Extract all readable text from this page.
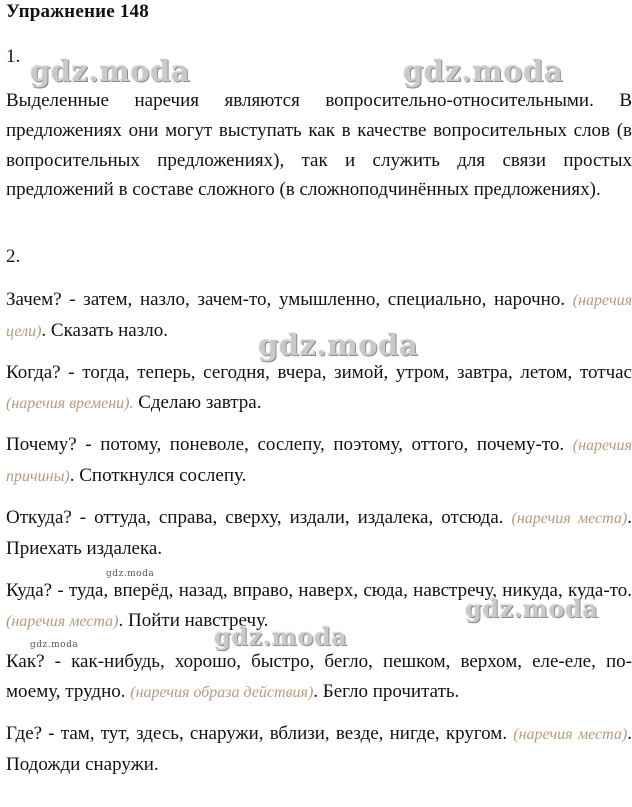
Упражнение 148
1.
Выделенные наречия являются вопросительно-относительными. В предложениях они могут выступать как в качестве вопросительных слов (в вопросительных предложениях), так и служить для связи простых предложений в составе сложного (в сложноподчинённых предложениях).
2.
Зачем? - затем, назло, зачем-то, умышленно, специально, нарочно. (наречия цели). Сказать назло.
Когда? - тогда, теперь, сегодня, вчера, зимой, утром, завтра, летом, тотчас (наречия времени). Сделаю завтра.
Почему? - потому, поневоле, сослепу, поэтому, оттого, почему-то. (наречия причины). Споткнулся сослепу.
Откуда? - оттуда, справа, сверху, издали, издалека, отсюда. (наречия места). Приехать издалека.
Куда? - туда, вперёд, назад, вправо, наверх, сюда, навстречу, никуда, куда-то. (наречия места). Пойти навстречу.
Как? - как-нибудь, хорошо, быстро, бегло, пешком, верхом, еле-еле, по-моему, трудно. (наречия образа действия). Бегло прочитать.
Где? - там, тут, здесь, снаружи, вблизи, везде, нигде, кругом. (наречия места). Подожди снаружи.
gdz.moda	gdz.moda
gdz.moda
gdz.moda
gdz.moda
gdz.moda
gdz.moda
